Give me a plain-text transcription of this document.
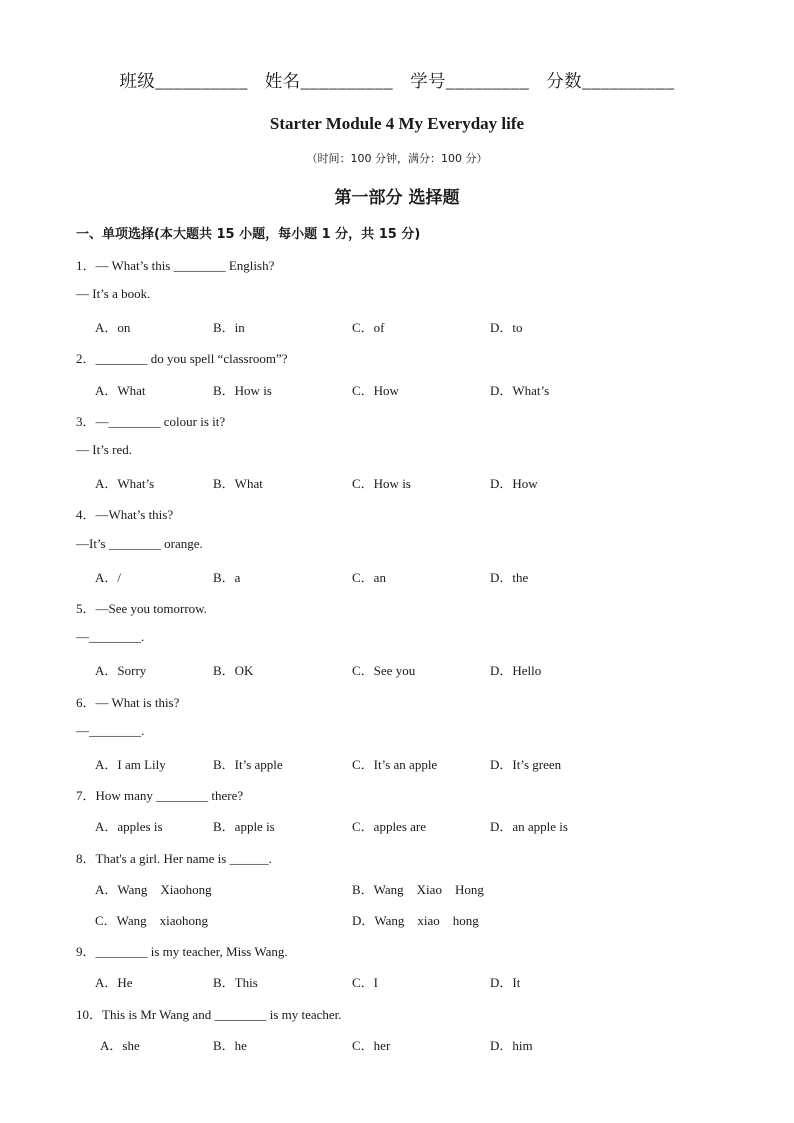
班级__________ 姓名__________ 学号_________ 分数__________
Starter Module 4 My Everyday life
（时间：100 分钟，满分：100 分）
第一部分 选择题
一、单项选择(本大题共 15 小题，每小题 1 分，共 15 分)
1．— What’s this ________ English?
— It’s a book.
A．on	B．in	C．of	D．to
2．________ do you spell “classroom”?
A．What	B．How is	C．How	D．What’s
3．—________ colour is it?
— It’s red.
A．What’s	B．What	C．How is	D．How
4．—What’s this?
—It’s ________ orange.
A．/	B．a	C．an	D．the
5．—See you tomorrow.
—________.
A．Sorry	B．OK	C．See you	D．Hello
6．— What is this?
—________.
A．I am Lily	B．It’s apple	C．It’s an apple	D．It’s green
7．How many ________ there?
A．apples is	B．apple is	C．apples are	D．an apple is
8．That's a girl. Her name is ______.
A．Wang    Xiaohong	B．Wang    Xiao    Hong
C．Wang    xiaohong	D．Wang    xiao    hong
9．________ is my teacher, Miss Wang.
A．He	B．This	C．I	D．It
10．This is Mr Wang and ________ is my teacher.
A．she	B．he	C．her	D．him
